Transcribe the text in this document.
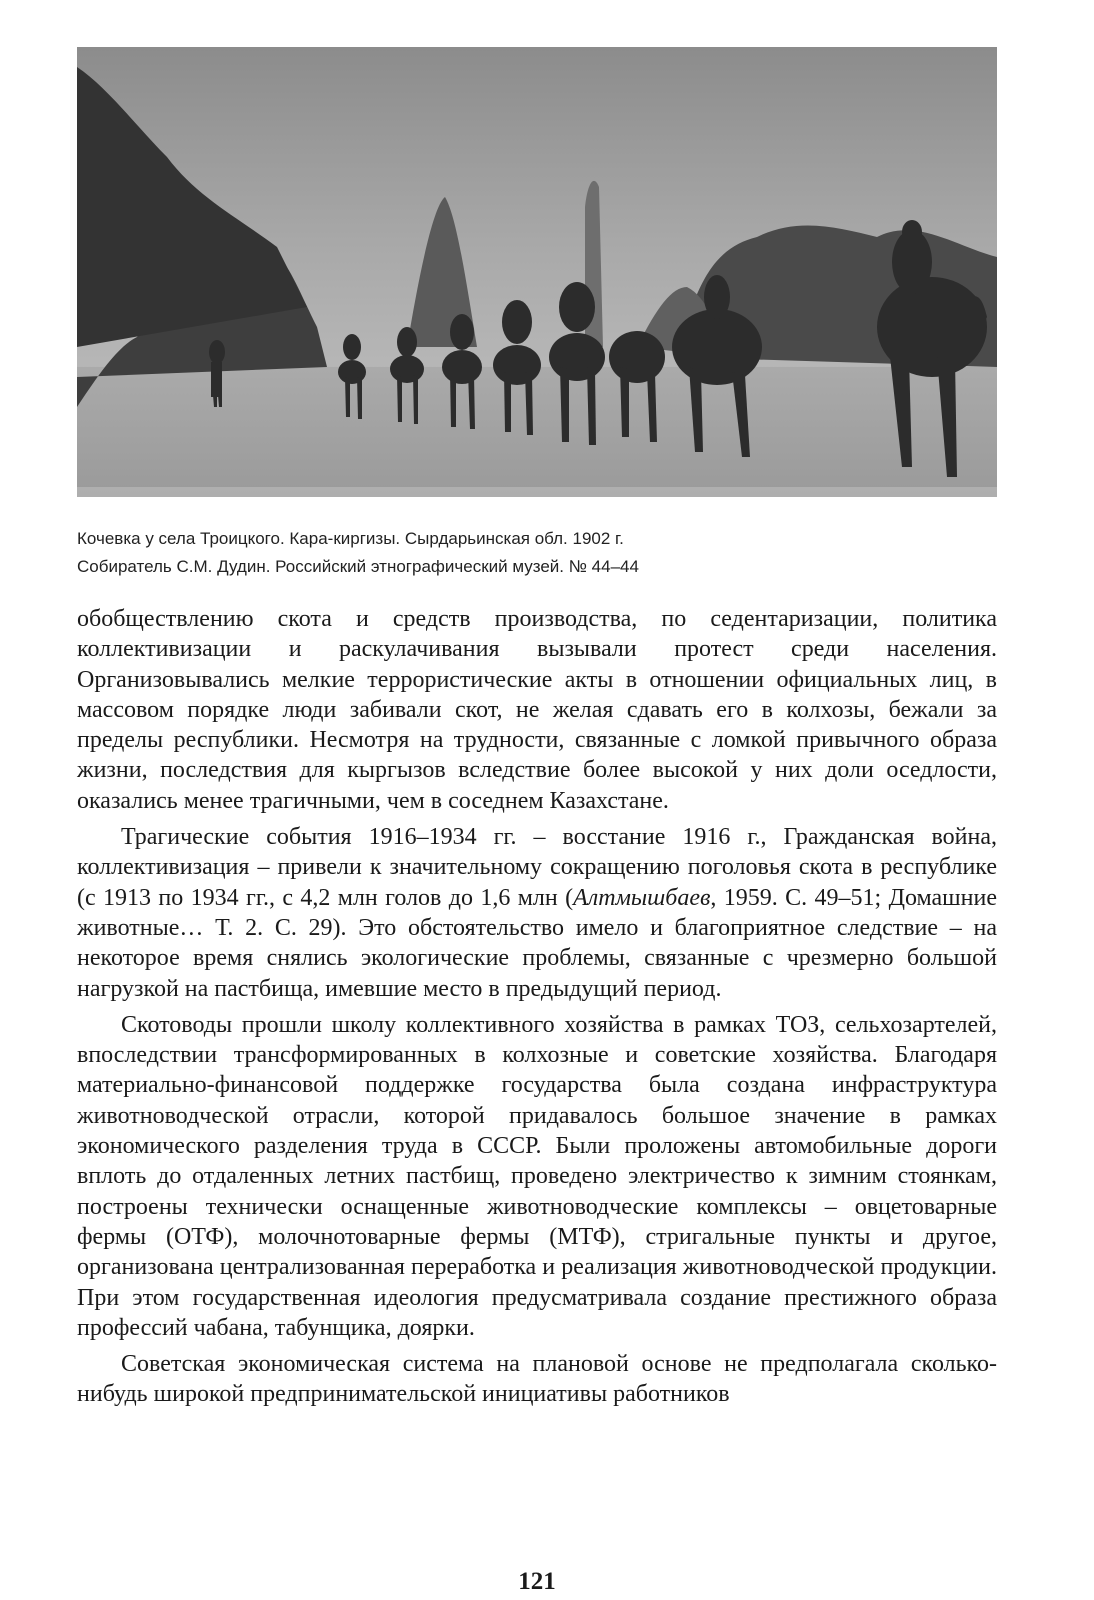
Кочевка у села Троицкого. Кара-киргизы. Сырдарьинская обл. 1902 г.
Собиратель С.М. Дудин. Российский этнографический музей. № 44–44

обобществлению скота и средств производства, по седентаризации, политика коллективизации и раскулачивания вызывали протест среди населения. Организовывались мелкие террористические акты в отношении официальных лиц, в массовом порядке люди забивали скот, не желая сдавать его в колхозы, бежали за пределы республики. Несмотря на трудности, связанные с ломкой привычного образа жизни, последствия для кыргызов вследствие более высокой у них доли оседлости, оказались менее трагичными, чем в соседнем Казахстане.

Трагические события 1916–1934 гг. – восстание 1916 г., Гражданская война, коллективизация – привели к значительному сокращению поголовья скота в республике (с 1913 по 1934 гг., с 4,2 млн голов до 1,6 млн (Алтмышбаев, 1959. С. 49–51; Домашние животные… Т. 2. С. 29). Это обстоятельство имело и благоприятное следствие – на некоторое время снялись экологические проблемы, связанные с чрезмерно большой нагрузкой на пастбища, имевшие место в предыдущий период.

Скотоводы прошли школу коллективного хозяйства в рамках ТОЗ, сельхозартелей, впоследствии трансформированных в колхозные и советские хозяйства. Благодаря материально-финансовой поддержке государства была создана инфраструктура животноводческой отрасли, которой придавалось большое значение в рамках экономического разделения труда в СССР. Были проложены автомобильные дороги вплоть до отдаленных летних пастбищ, проведено электричество к зимним стоянкам, построены технически оснащенные животноводческие комплексы – овцетоварные фермы (ОТФ), молочнотоварные фермы (МТФ), стригальные пункты и другое, организована централизованная переработка и реализация животноводческой продукции. При этом государственная идеология предусматривала создание престижного образа профессий чабана, табунщика, доярки.

Советская экономическая система на плановой основе не предполагала сколько-нибудь широкой предпринимательской инициативы работников

121
